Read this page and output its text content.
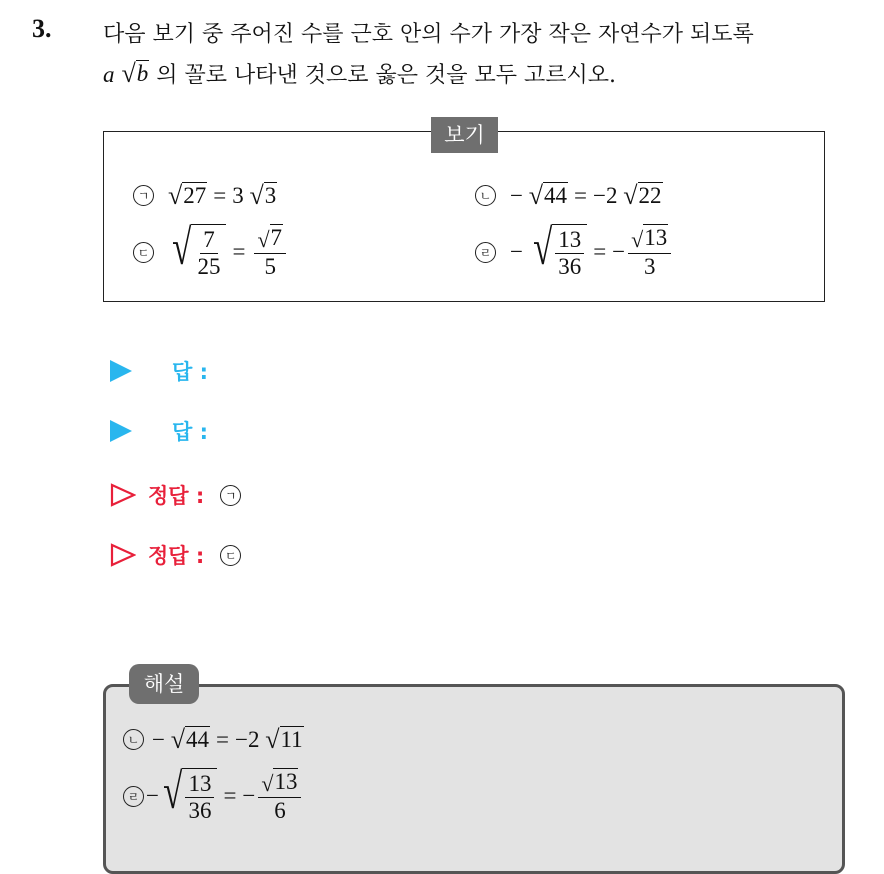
3. 다음 보기 중 주어진 수를 근호 안의 수가 가장 작은 자연수가 되도록
a √ b 의 꼴로 나타낸 것으로 옳은 것을 모두 고르시오.
보기
ㄱ √ 27 = 3
√ 3	ㄴ −
√ 44 = −2
√ 22
ㄷ √ $\frac{7}{25} = \frac{√ 7}{5}$	ㄹ −
√ $\frac{13}{36}$ = − $\frac{√ 13}{3}$
답 :
답 :
정답 :	ㄱ
정답 :	ㄷ
해설
ㄴ −
√ 44 = −2
√ 11
ㄹ − √ $\frac{13}{36}$ = − $\frac{√ 13}{6}$
